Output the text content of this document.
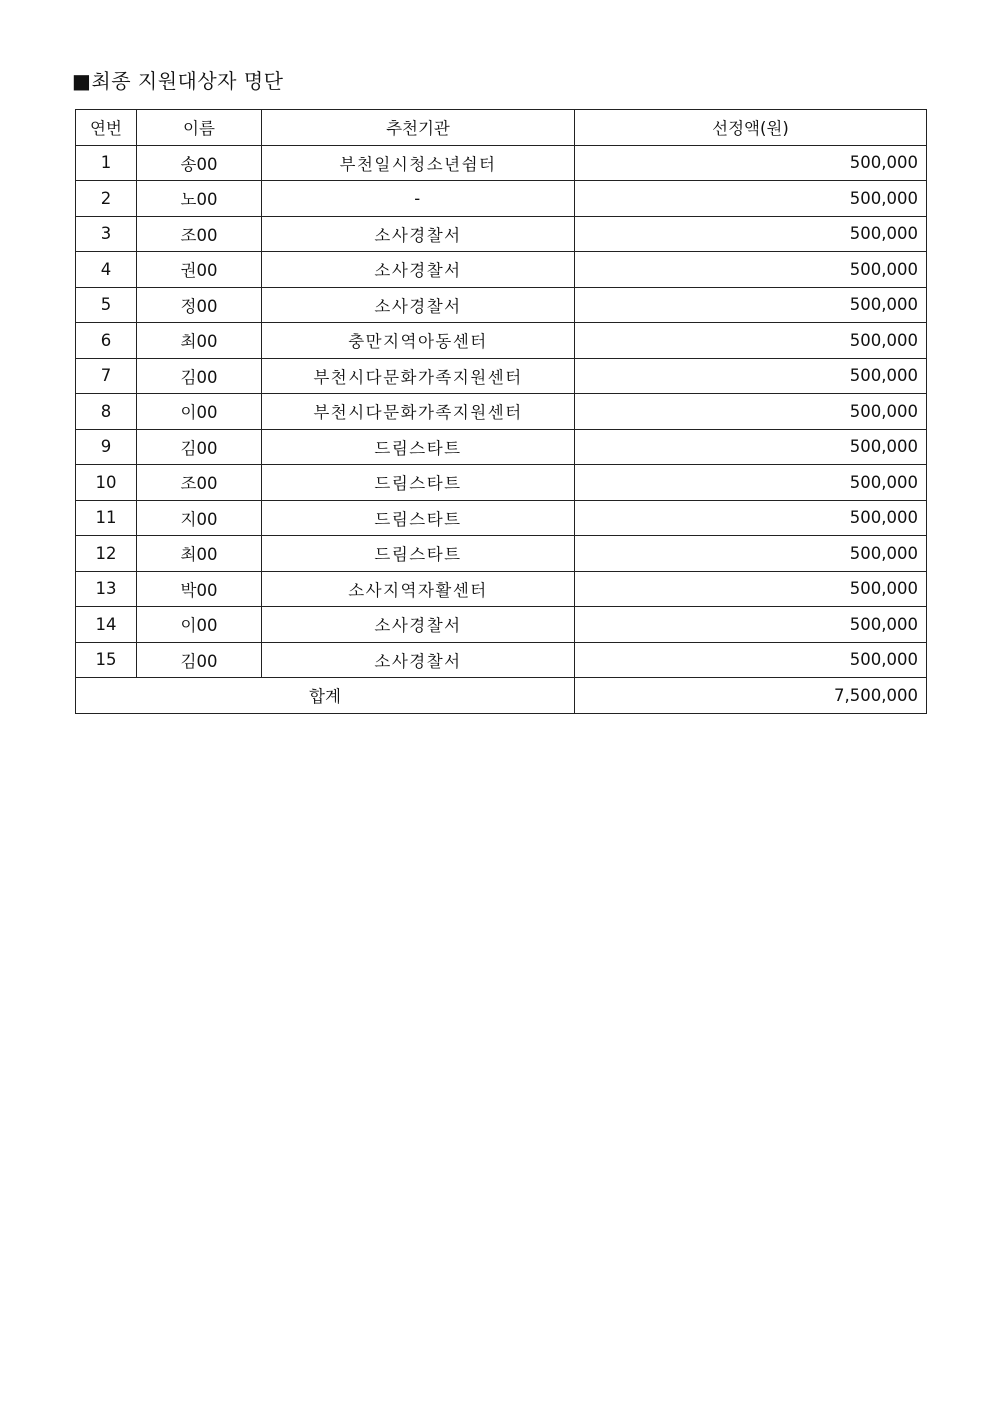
■최종 지원대상자 명단
연번	이름	추천기관	선정액(원)
1	송00	부천일시청소년쉼터	500,000
2	노00	-	500,000
3	조00	소사경찰서	500,000
4	권00	소사경찰서	500,000
5	정00	소사경찰서	500,000
6	최00	충만지역아동센터	500,000
7	김00	부천시다문화가족지원센터	500,000
8	이00	부천시다문화가족지원센터	500,000
9	김00	드림스타트	500,000
10	조00	드림스타트	500,000
11	지00	드림스타트	500,000
12	최00	드림스타트	500,000
13	박00	소사지역자활센터	500,000
14	이00	소사경찰서	500,000
15	김00	소사경찰서	500,000
합계			7,500,000
